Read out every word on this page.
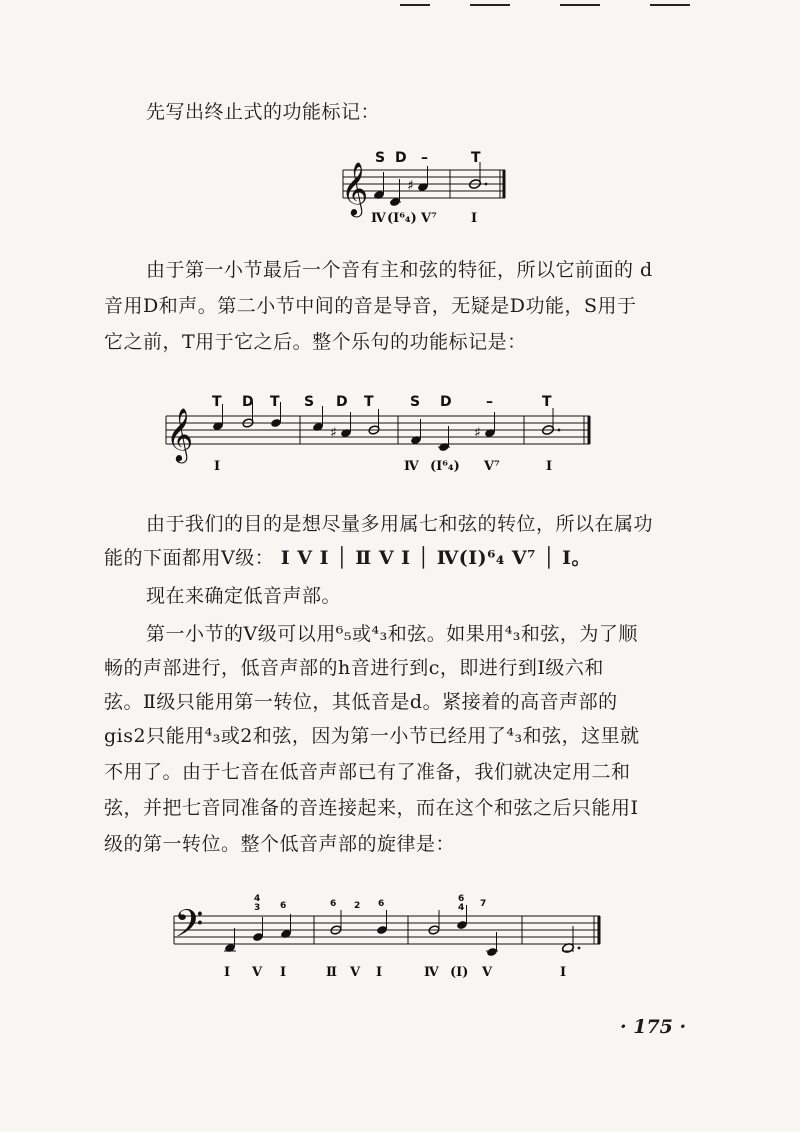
先写出终止式的功能标记：
𝄞	♯
S D –	T
Ⅳ (Ⅰ⁶₄) Ⅴ⁷	Ⅰ
由于第一小节最后一个音有主和弦的特征，所以它前面的 d
音用D和声。第二小节中间的音是导音，无疑是D功能，S用于
它之前，T用于它之后。整个乐句的功能标记是：
𝄞	♯	♯
T D T S D T	S D –	T
Ⅰ	Ⅳ (Ⅰ⁶₄) Ⅴ⁷	Ⅰ
由于我们的目的是想尽量多用属七和弦的转位，所以在属功
能的下面都用Ⅴ级： Ⅰ Ⅴ Ⅰ │ Ⅱ Ⅴ Ⅰ │ Ⅳ(Ⅰ)⁶₄ Ⅴ⁷ │ Ⅰ。
现在来确定低音声部。
第一小节的Ⅴ级可以用⁶₅或⁴₃和弦。如果用⁴₃和弦，为了顺
畅的声部进行，低音声部的h音进行到c，即进行到Ⅰ级六和
弦。Ⅱ级只能用第一转位，其低音是d。紧接着的高音声部的
gis2只能用⁴₃或2和弦，因为第一小节已经用了⁴₃和弦，这里就
不用了。由于七音在低音声部已有了准备，我们就决定用二和
弦，并把七音同准备的音连接起来，而在这个和弦之后只能用Ⅰ
级的第一转位。整个低音声部的旋律是：
𝄢
4
3 6	6 2 6	6
4 7
Ⅰ Ⅴ Ⅰ	Ⅱ Ⅴ Ⅰ	Ⅳ (Ⅰ) Ⅴ	Ⅰ
· 175 ·
